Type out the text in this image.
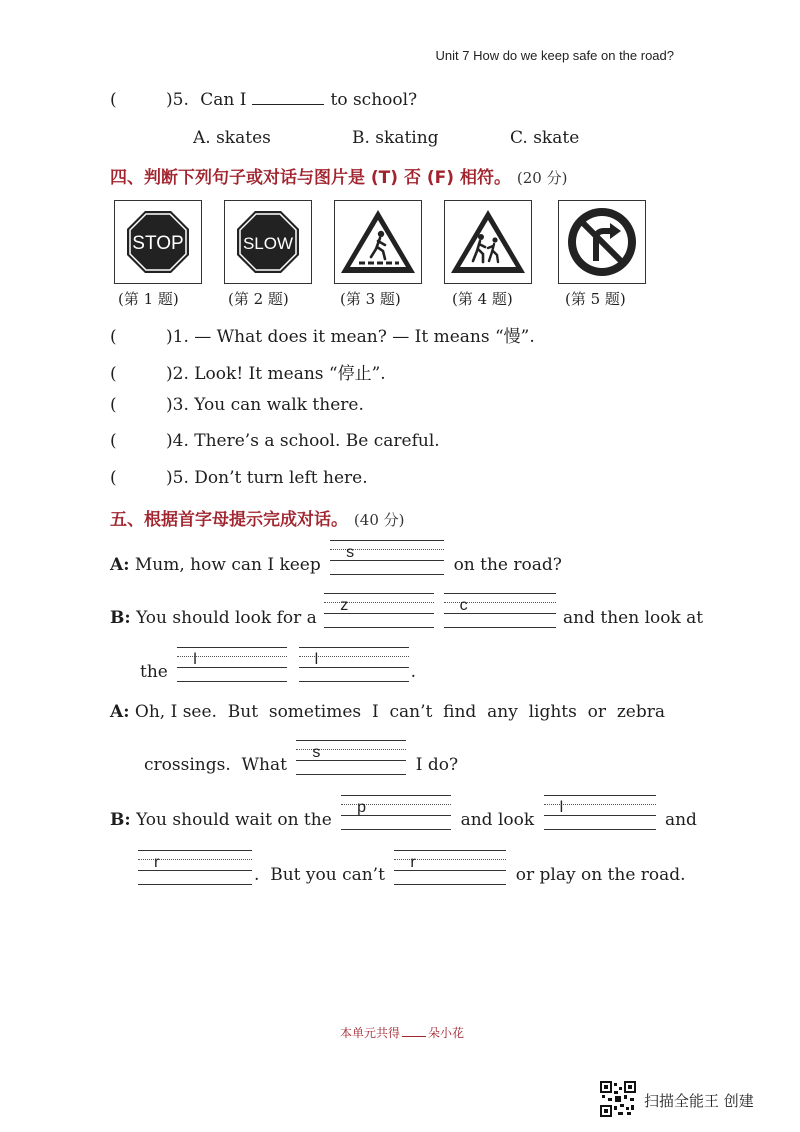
Unit 7 How do we keep safe on the road?
(	)5. Can I	to school?
A. skates	B. skating	C. skate
四、判断下列句子或对话与图片是 (T) 否 (F) 相符。 (20 分)
STOP	SLOW
(第 1 题)	(第 2 题)	(第 3 题)	(第 4 题)	(第 5 题)
(	)1. — What does it mean? — It means “慢”.
(	)2. Look! It means “停止”.
(	)3. You can walk there.
(	)4. There’s a school. Be careful.
(	)5. Don’t turn left here.
五、根据首字母提示完成对话。 (40 分)
A: Mum, how can I keep
s
on the road?
B: You should look for a
z
	c
and then look at
the
l
	l
.
A: Oh, I see.  But  sometimes  I  can’t  find  any  lights  or  zebra
crossings.  What
s
I do?
B: You should wait on the
p
and look
l
and
r
.  But you can’t
r
or play on the road.
本单元共得 朵小花
扫描全能王 创建
